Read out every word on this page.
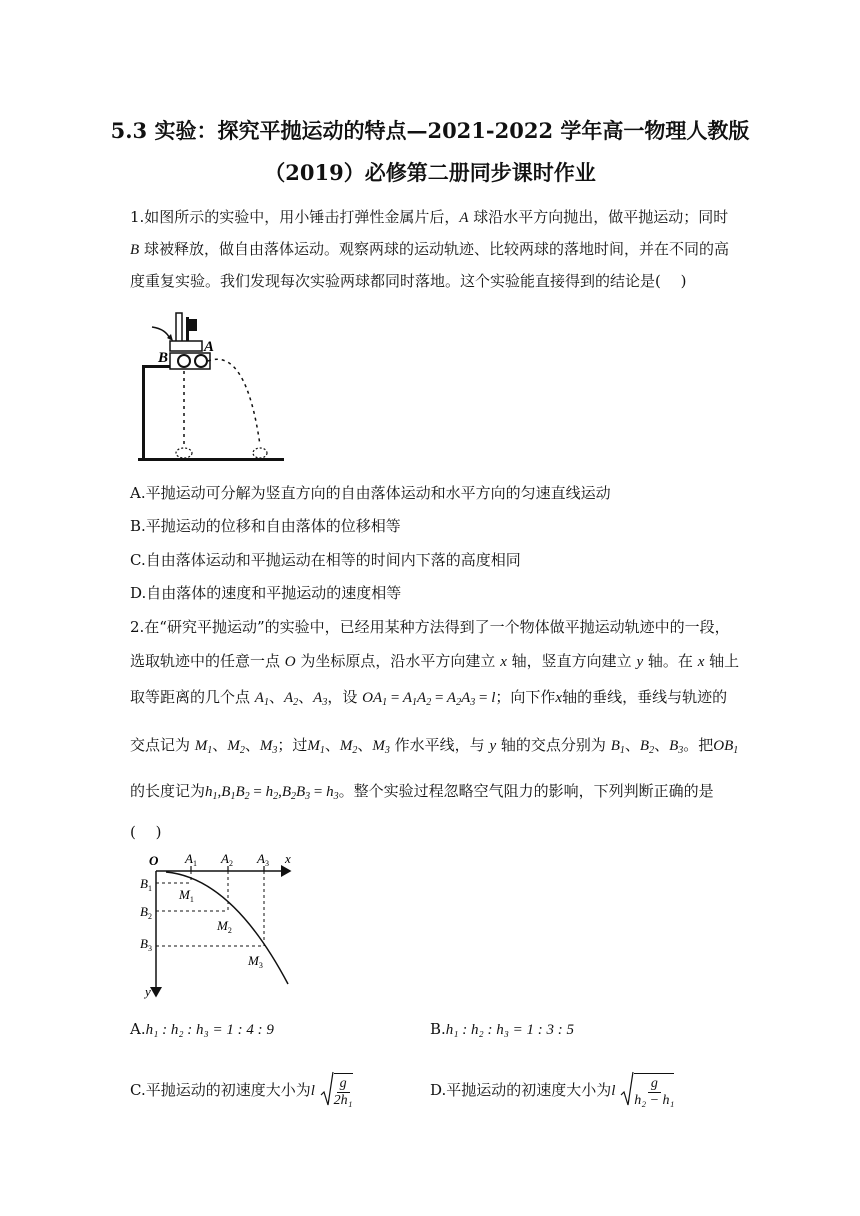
5.3 实验：探究平抛运动的特点—2021-2022 学年高一物理人教版
（2019）必修第二册同步课时作业
1.如图所示的实验中，用小锤击打弹性金属片后，A 球沿水平方向抛出，做平抛运动；同时
B 球被释放，做自由落体运动。观察两球的运动轨迹、比较两球的落地时间，并在不同的高
度重复实验。我们发现每次实验两球都同时落地。这个实验能直接得到的结论是(　 )
B
A
A.平抛运动可分解为竖直方向的自由落体运动和水平方向的匀速直线运动
B.平抛运动的位移和自由落体的位移相等
C.自由落体运动和平抛运动在相等的时间内下落的高度相同
D.自由落体的速度和平抛运动的速度相等
2.在“研究平抛运动”的实验中，已经用某种方法得到了一个物体做平抛运动轨迹中的一段，
选取轨迹中的任意一点 O 为坐标原点，沿水平方向建立 x 轴，竖直方向建立 y 轴。在 x 轴上
取等距离的几个点 $A_1$、$A_2$、$A_3$，设 $OA_1 = A_1A_2 = A_2A_3 = l$；向下作x轴的垂线，垂线与轨迹的
交点记为 $M_1$、$M_2$、$M_3$；过$M_1$、$M_2$、$M_3$ 作水平线，与 y 轴的交点分别为 $B_1$、$B_2$、$B_3$。把$OB_1$
的长度记为$h_1,B_1B_2 = h_2,B_2B_3 = h_3$。整个实验过程忽略空气阻力的影响，下列判断正确的是
(　 )
O $A_1$ $A_2$ $A_3$ x
$B_1$
$B_2$
$B_3$
$M_1$
$M_2$
$M_3$
y
A.h₁ : h₂ : h₃ = 1 : 4 : 9	B.h₁ : h₂ : h₃ = 1 : 3 : 5
C.平抛运动的初速度大小为l $\frac{g}{\text{2h₁}}$	D.平抛运动的初速度大小为l $\frac{g}{\text{h₂ − h₁}}$
